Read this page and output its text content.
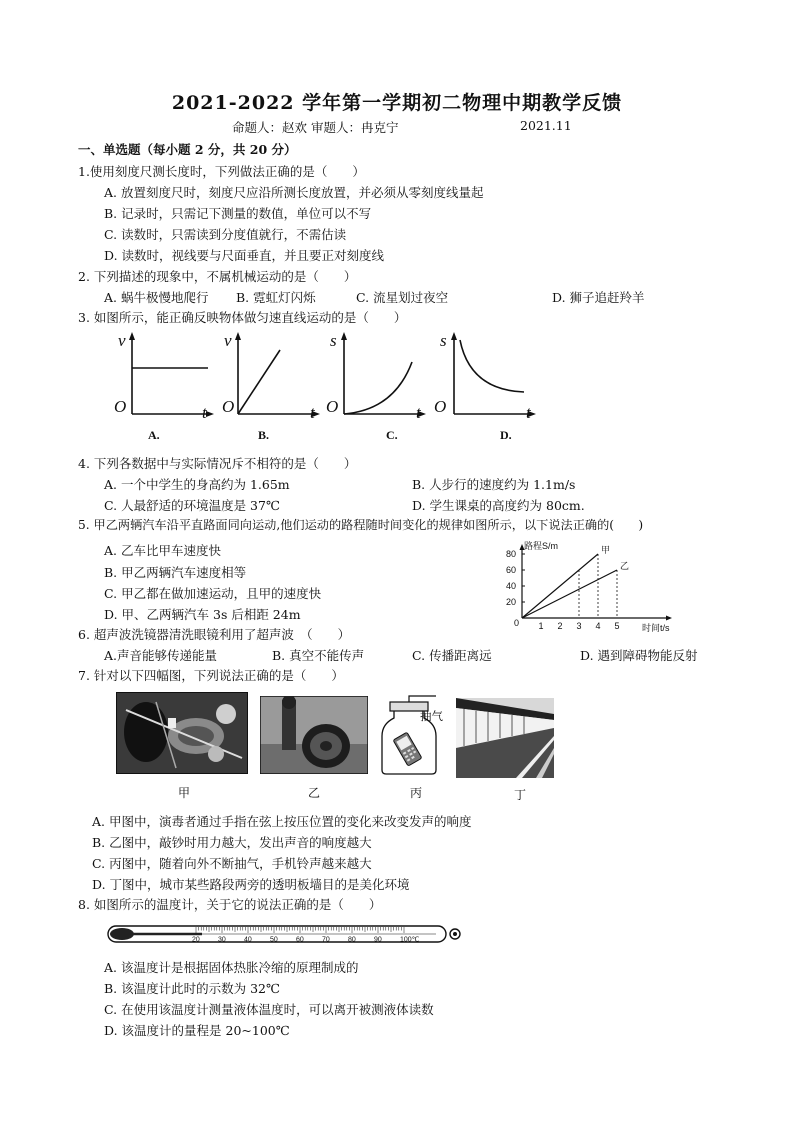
2021-2022 学年第一学期初二物理中期教学反馈
命题人：赵欢 审题人：冉克宁	2021.11
一、单选题（每小题 2 分，共 20 分）
1.使用刻度尺测长度时，下列做法正确的是（　　）
A. 放置刻度尺时，刻度尺应沿所测长度放置，并必须从零刻度线量起
B. 记录时，只需记下测量的数值，单位可以不写
C. 读数时，只需读到分度值就行，不需估读
D. 读数时，视线要与尺面垂直，并且要正对刻度线
2. 下列描述的现象中，不属机械运动的是（　　）
A. 蜗牛极慢地爬行 B. 霓虹灯闪烁	C. 流星划过夜空	D. 狮子追赶羚羊
3. 如图所示，能正确反映物体做匀速直线运动的是（　　）
v
t
O
A.
v
t
O
B.
s
t
O
C.
s
t
O
D.
4. 下列各数据中与实际情况斥不相符的是（　　）
A. 一个中学生的身高约为 1.65m	B. 人步行的速度约为 1.1m/s
C. 人最舒适的环境温度是 37℃	D. 学生课桌的高度约为 80cm.
5. 甲乙两辆汽车沿平直路面同向运动,他们运动的路程随时间变化的规律如图所示，以下说法正确的(　　)
A. 乙车比甲车速度快
B. 甲乙两辆汽车速度相等
C. 甲乙都在做加速运动，且甲的速度快
D. 甲、乙两辆汽车 3s 后相距 24m
路程S/m
时间t/s
0
20
40
60
80
1 2 3 4 5
甲
乙
6. 超声波洗镜器清洗眼镜利用了超声波　（　　）
A.声音能够传递能量	B. 真空不能传声	C. 传播距离远	D. 遇到障碍物能反射
7. 针对以下四幅图，下列说法正确的是（　　）
抽气
甲	乙	丙	丁
A. 甲图中，演毒者通过手指在弦上按压位置的变化来改变发声的响度
B. 乙图中，敲钞时用力越大，发出声音的响度越大
C. 丙图中，随着向外不断抽气，手机铃声越来越大
D. 丁图中，城市某些路段两旁的透明板墙目的是美化环境
8. 如图所示的温度计，关于它的说法正确的是（　　）
20	30	40	50	60	70	80	90	100℃
A. 该温度计是根据固体热胀冷缩的原理制成的
B. 该温度计此时的示数为 32℃
C. 在使用该温度计测量液体温度时，可以离开被测液体读数
D. 该温度计的量程是 20~100℃
